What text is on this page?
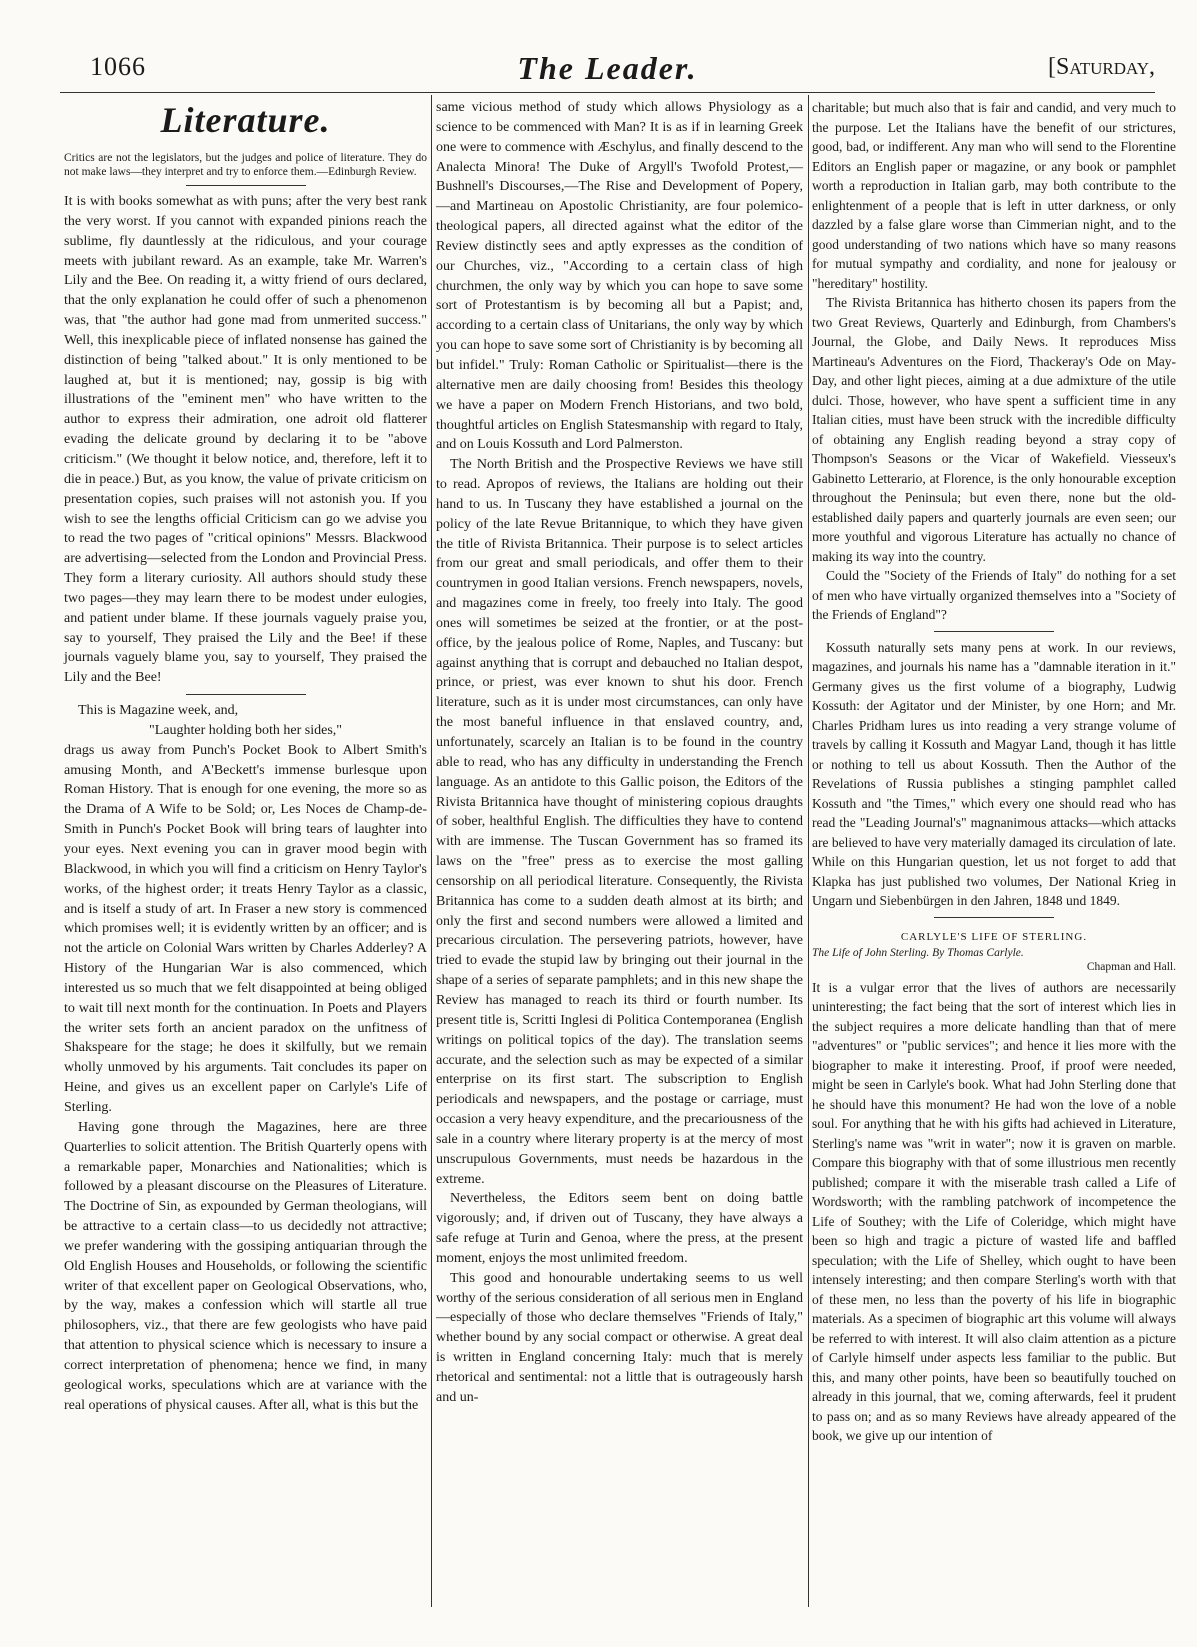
1066	The Leader.	[Saturday,
Literature.

Critics are not the legislators, but the judges and police of literature. They do not make laws—they interpret and try to enforce them.—Edinburgh Review.

It is with books somewhat as with puns; after the very best rank the very worst. If you cannot with expanded pinions reach the sublime, fly dauntlessly at the ridiculous, and your courage meets with jubilant reward. As an example, take Mr. Warren's Lily and the Bee. On reading it, a witty friend of ours declared, that the only explanation he could offer of such a phenomenon was, that "the author had gone mad from unmerited success." Well, this inexplicable piece of inflated nonsense has gained the distinction of being "talked about." It is only mentioned to be laughed at, but it is mentioned; nay, gossip is big with illustrations of the "eminent men" who have written to the author to express their admiration, one adroit old flatterer evading the delicate ground by declaring it to be "above criticism." (We thought it below notice, and, therefore, left it to die in peace.) But, as you know, the value of private criticism on presentation copies, such praises will not astonish you. If you wish to see the lengths official Criticism can go we advise you to read the two pages of "critical opinions" Messrs. Blackwood are advertising—selected from the London and Provincial Press. They form a literary curiosity. All authors should study these two pages—they may learn there to be modest under eulogies, and patient under blame. If these journals vaguely praise you, say to yourself, They praised the Lily and the Bee! if these journals vaguely blame you, say to yourself, They praised the Lily and the Bee!

This is Magazine week, and,

"Laughter holding both her sides,"

drags us away from Punch's Pocket Book to Albert Smith's amusing Month, and A'Beckett's immense burlesque upon Roman History. That is enough for one evening, the more so as the Drama of A Wife to be Sold; or, Les Noces de Champ-de-Smith in Punch's Pocket Book will bring tears of laughter into your eyes. Next evening you can in graver mood begin with Blackwood, in which you will find a criticism on Henry Taylor's works, of the highest order; it treats Henry Taylor as a classic, and is itself a study of art. In Fraser a new story is commenced which promises well; it is evidently written by an officer; and is not the article on Colonial Wars written by Charles Adderley? A History of the Hungarian War is also commenced, which interested us so much that we felt disappointed at being obliged to wait till next month for the continuation. In Poets and Players the writer sets forth an ancient paradox on the unfitness of Shakspeare for the stage; he does it skilfully, but we remain wholly unmoved by his arguments. Tait concludes its paper on Heine, and gives us an excellent paper on Carlyle's Life of Sterling.

Having gone through the Magazines, here are three Quarterlies to solicit attention. The British Quarterly opens with a remarkable paper, Monarchies and Nationalities; which is followed by a pleasant discourse on the Pleasures of Literature. The Doctrine of Sin, as expounded by German theologians, will be attractive to a certain class—to us decidedly not attractive; we prefer wandering with the gossiping antiquarian through the Old English Houses and Households, or following the scientific writer of that excellent paper on Geological Observations, who, by the way, makes a confession which will startle all true philosophers, viz., that there are few geologists who have paid that attention to physical science which is necessary to insure a correct interpretation of phenomena; hence we find, in many geological works, speculations which are at variance with the real operations of physical causes. After all, what is this but the

same vicious method of study which allows Physiology as a science to be commenced with Man? It is as if in learning Greek one were to commence with Æschylus, and finally descend to the Analecta Minora! The Duke of Argyll's Twofold Protest,—Bushnell's Discourses,—The Rise and Development of Popery,—and Martineau on Apostolic Christianity, are four polemico-theological papers, all directed against what the editor of the Review distinctly sees and aptly expresses as the condition of our Churches, viz., "According to a certain class of high churchmen, the only way by which you can hope to save some sort of Protestantism is by becoming all but a Papist; and, according to a certain class of Unitarians, the only way by which you can hope to save some sort of Christianity is by becoming all but infidel." Truly: Roman Catholic or Spiritualist—there is the alternative men are daily choosing from! Besides this theology we have a paper on Modern French Historians, and two bold, thoughtful articles on English Statesmanship with regard to Italy, and on Louis Kossuth and Lord Palmerston.

The North British and the Prospective Reviews we have still to read. Apropos of reviews, the Italians are holding out their hand to us. In Tuscany they have established a journal on the policy of the late Revue Britannique, to which they have given the title of Rivista Britannica. Their purpose is to select articles from our great and small periodicals, and offer them to their countrymen in good Italian versions. French newspapers, novels, and magazines come in freely, too freely into Italy. The good ones will sometimes be seized at the frontier, or at the post-office, by the jealous police of Rome, Naples, and Tuscany: but against anything that is corrupt and debauched no Italian despot, prince, or priest, was ever known to shut his door. French literature, such as it is under most circumstances, can only have the most baneful influence in that enslaved country, and, unfortunately, scarcely an Italian is to be found in the country able to read, who has any difficulty in understanding the French language. As an antidote to this Gallic poison, the Editors of the Rivista Britannica have thought of ministering copious draughts of sober, healthful English. The difficulties they have to contend with are immense. The Tuscan Government has so framed its laws on the "free" press as to exercise the most galling censorship on all periodical literature. Consequently, the Rivista Britannica has come to a sudden death almost at its birth; and only the first and second numbers were allowed a limited and precarious circulation. The persevering patriots, however, have tried to evade the stupid law by bringing out their journal in the shape of a series of separate pamphlets; and in this new shape the Review has managed to reach its third or fourth number. Its present title is, Scritti Inglesi di Politica Contemporanea (English writings on political topics of the day). The translation seems accurate, and the selection such as may be expected of a similar enterprise on its first start. The subscription to English periodicals and newspapers, and the postage or carriage, must occasion a very heavy expenditure, and the precariousness of the sale in a country where literary property is at the mercy of most unscrupulous Governments, must needs be hazardous in the extreme.

Nevertheless, the Editors seem bent on doing battle vigorously; and, if driven out of Tuscany, they have always a safe refuge at Turin and Genoa, where the press, at the present moment, enjoys the most unlimited freedom.

This good and honourable undertaking seems to us well worthy of the serious consideration of all serious men in England—especially of those who declare themselves "Friends of Italy," whether bound by any social compact or otherwise. A great deal is written in England concerning Italy: much that is merely rhetorical and sentimental: not a little that is outrageously harsh and un-

charitable; but much also that is fair and candid, and very much to the purpose. Let the Italians have the benefit of our strictures, good, bad, or indifferent. Any man who will send to the Florentine Editors an English paper or magazine, or any book or pamphlet worth a reproduction in Italian garb, may both contribute to the enlightenment of a people that is left in utter darkness, or only dazzled by a false glare worse than Cimmerian night, and to the good understanding of two nations which have so many reasons for mutual sympathy and cordiality, and none for jealousy or "hereditary" hostility.

The Rivista Britannica has hitherto chosen its papers from the two Great Reviews, Quarterly and Edinburgh, from Chambers's Journal, the Globe, and Daily News. It reproduces Miss Martineau's Adventures on the Fiord, Thackeray's Ode on May-Day, and other light pieces, aiming at a due admixture of the utile dulci. Those, however, who have spent a sufficient time in any Italian cities, must have been struck with the incredible difficulty of obtaining any English reading beyond a stray copy of Thompson's Seasons or the Vicar of Wakefield. Viesseux's Gabinetto Letterario, at Florence, is the only honourable exception throughout the Peninsula; but even there, none but the old-established daily papers and quarterly journals are even seen; our more youthful and vigorous Literature has actually no chance of making its way into the country.

Could the "Society of the Friends of Italy" do nothing for a set of men who have virtually organized themselves into a "Society of the Friends of England"?

Kossuth naturally sets many pens at work. In our reviews, magazines, and journals his name has a "damnable iteration in it." Germany gives us the first volume of a biography, Ludwig Kossuth: der Agitator und der Minister, by one Horn; and Mr. Charles Pridham lures us into reading a very strange volume of travels by calling it Kossuth and Magyar Land, though it has little or nothing to tell us about Kossuth. Then the Author of the Revelations of Russia publishes a stinging pamphlet called Kossuth and "the Times," which every one should read who has read the "Leading Journal's" magnanimous attacks—which attacks are believed to have very materially damaged its circulation of late. While on this Hungarian question, let us not forget to add that Klapka has just published two volumes, Der National Krieg in Ungarn und Siebenbürgen in den Jahren, 1848 und 1849.

CARLYLE'S LIFE OF STERLING.

The Life of John Sterling. By Thomas Carlyle.

Chapman and Hall.

It is a vulgar error that the lives of authors are necessarily uninteresting; the fact being that the sort of interest which lies in the subject requires a more delicate handling than that of mere "adventures" or "public services"; and hence it lies more with the biographer to make it interesting. Proof, if proof were needed, might be seen in Carlyle's book. What had John Sterling done that he should have this monument? He had won the love of a noble soul. For anything that he with his gifts had achieved in Literature, Sterling's name was "writ in water"; now it is graven on marble. Compare this biography with that of some illustrious men recently published; compare it with the miserable trash called a Life of Wordsworth; with the rambling patchwork of incompetence the Life of Southey; with the Life of Coleridge, which might have been so high and tragic a picture of wasted life and baffled speculation; with the Life of Shelley, which ought to have been intensely interesting; and then compare Sterling's worth with that of these men, no less than the poverty of his life in biographic materials. As a specimen of biographic art this volume will always be referred to with interest. It will also claim attention as a picture of Carlyle himself under aspects less familiar to the public. But this, and many other points, have been so beautifully touched on already in this journal, that we, coming afterwards, feel it prudent to pass on; and as so many Reviews have already appeared of the book, we give up our intention of
